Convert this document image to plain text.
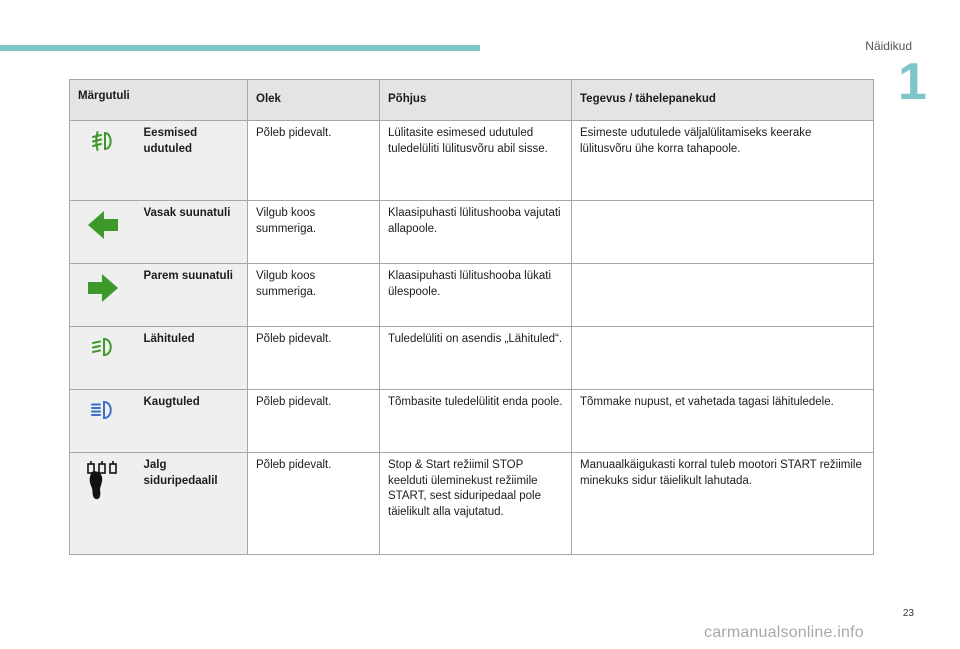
Näidikud
1
Märgutuli		Olek	Põhjus	Tegevus / tähelepanekud
	Eesmised udutuled	Põleb pidevalt.	Lülitasite esimesed udutuled tuledelüliti lülitusvõru abil sisse.	Esimeste udutulede väljalülitamiseks keerake lülitusvõru ühe korra tahapoole.
	Vasak suunatuli	Vilgub koos summeriga.	Klaasipuhasti lülitushooba vajutati allapoole.	
	Parem suunatuli	Vilgub koos summeriga.	Klaasipuhasti lülitushooba lükati ülespoole.	
	Lähituled	Põleb pidevalt.	Tuledelüliti on asendis „Lähituled“.	
	Kaugtuled	Põleb pidevalt.	Tõmbasite tuledelülitit enda poole.	Tõmmake nupust, et vahetada tagasi lähituledele.
	Jalg siduripedaalil	Põleb pidevalt.	Stop & Start režiimil STOP keelduti üleminekust režiimile START, sest siduripedaal pole täielikult alla vajutatud.	Manuaalkäigukasti korral tuleb mootori START režiimile minekuks sidur täielikult lahutada.
23
carmanualsonline.info
